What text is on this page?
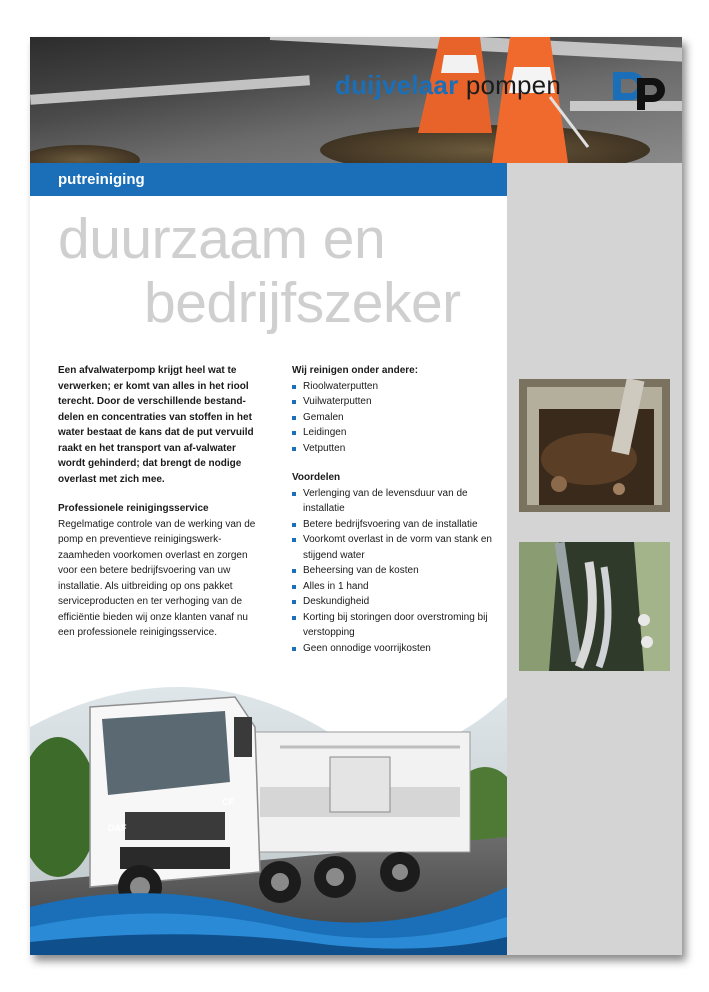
duijvelaar pompen
putreiniging
duurzaam en
bedrijfszeker
Een afvalwaterpomp krijgt heel wat te verwerken; er komt van alles in het riool terecht. Door de verschillende bestand-delen en concentraties van stoffen in het water bestaat de kans dat de put vervuild raakt en het transport van af-valwater wordt gehinderd; dat brengt de nodige overlast met zich mee.
Professionele reinigingsservice
Regelmatige controle van de werking van de pomp en preventieve reinigingswerk-zaamheden voorkomen overlast en zorgen voor een betere bedrijfsvoering van uw installatie. Als uitbreiding op ons pakket serviceproducten en ter verhoging van de efficiëntie bieden wij onze klanten vanaf nu een professionele reinigingsservice.
Wij reinigen onder andere:
Rioolwaterputten
Vuilwaterputten
Gemalen
Leidingen
Vetputten
Voordelen
Verlenging van de levensduur van de installatie
Betere bedrijfsvoering van de installatie
Voorkomt overlast in de vorm van stank en stijgend water
Beheersing van de kosten
Alles in 1 hand
Deskundigheid
Korting bij storingen door overstroming bij verstopping
Geen onnodige voorrijkosten
DAF
CF
